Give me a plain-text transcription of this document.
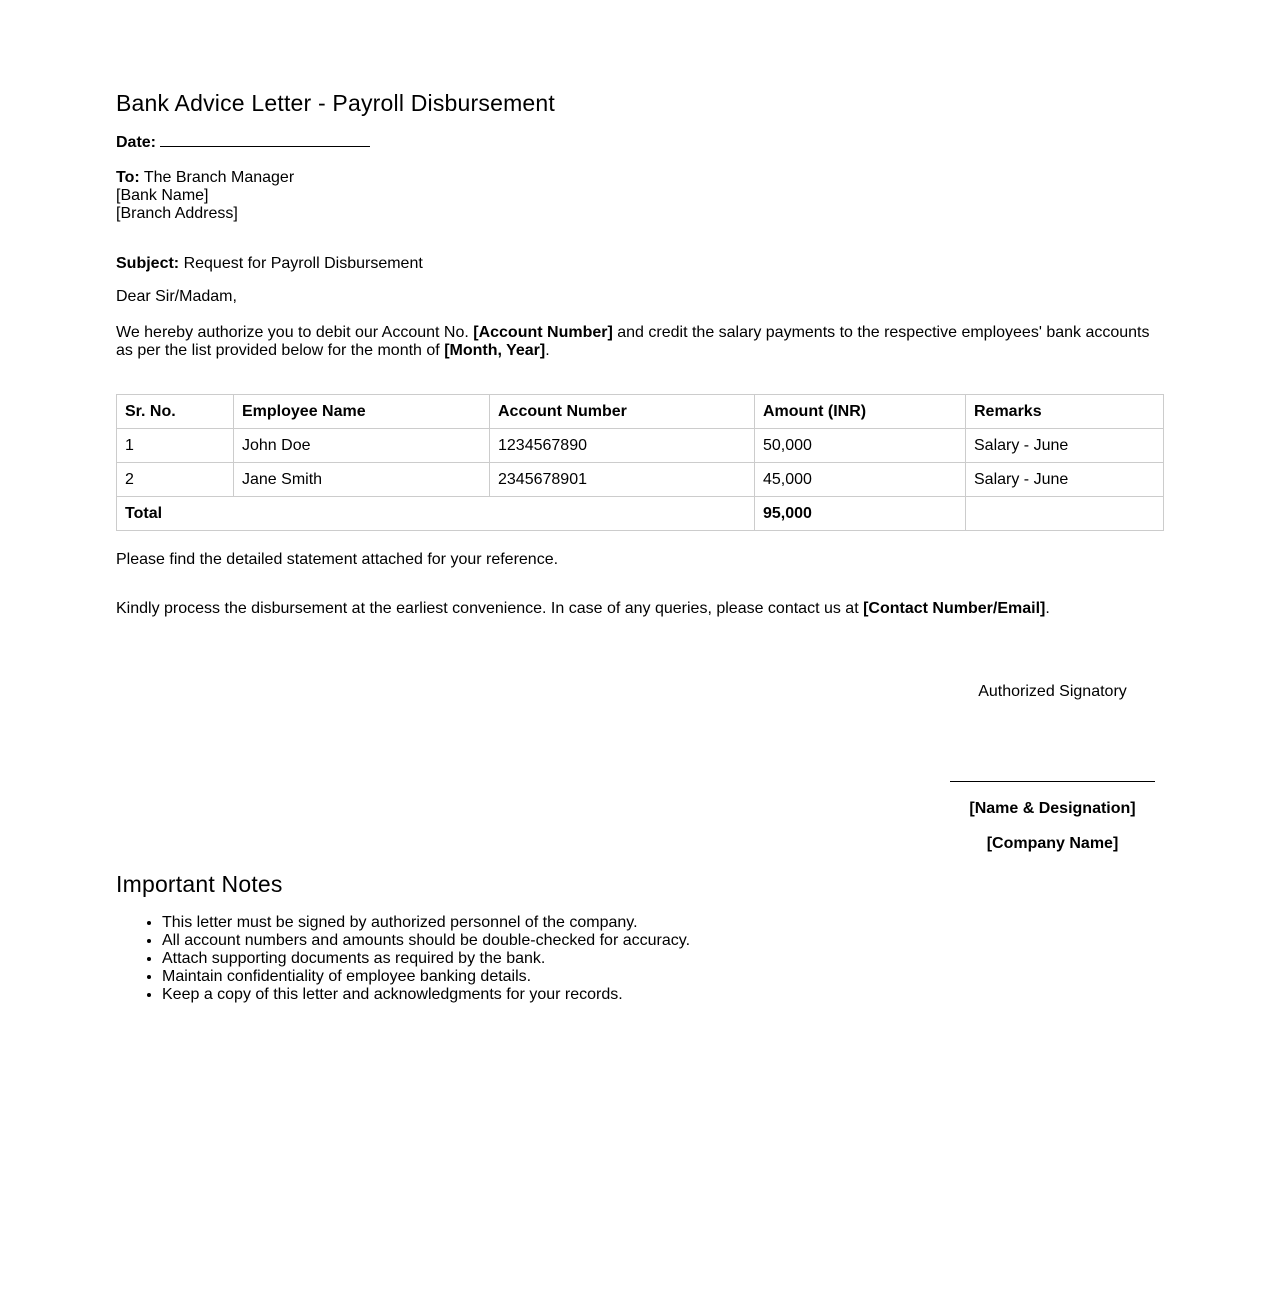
Bank Advice Letter - Payroll Disbursement

Date:

To: The Branch Manager

[Bank Name]

[Branch Address]

Subject: Request for Payroll Disbursement

Dear Sir/Madam,

We hereby authorize you to debit our Account No. [Account Number] and credit the salary payments to the respective employees' bank accounts as per the list provided below for the month of [Month, Year].

Sr. No.	Employee Name	Account Number	Amount (INR)	Remarks
1	John Doe	1234567890	50,000	Salary - June
2	Jane Smith	2345678901	45,000	Salary - June
Total			95,000	

Please find the detailed statement attached for your reference.

Kindly process the disbursement at the earliest convenience. In case of any queries, please contact us at [Contact Number/Email].

Authorized Signatory

[Name & Designation]

[Company Name]

Important Notes
• This letter must be signed by authorized personnel of the company.
• All account numbers and amounts should be double-checked for accuracy.
• Attach supporting documents as required by the bank.
• Maintain confidentiality of employee banking details.
• Keep a copy of this letter and acknowledgments for your records.
